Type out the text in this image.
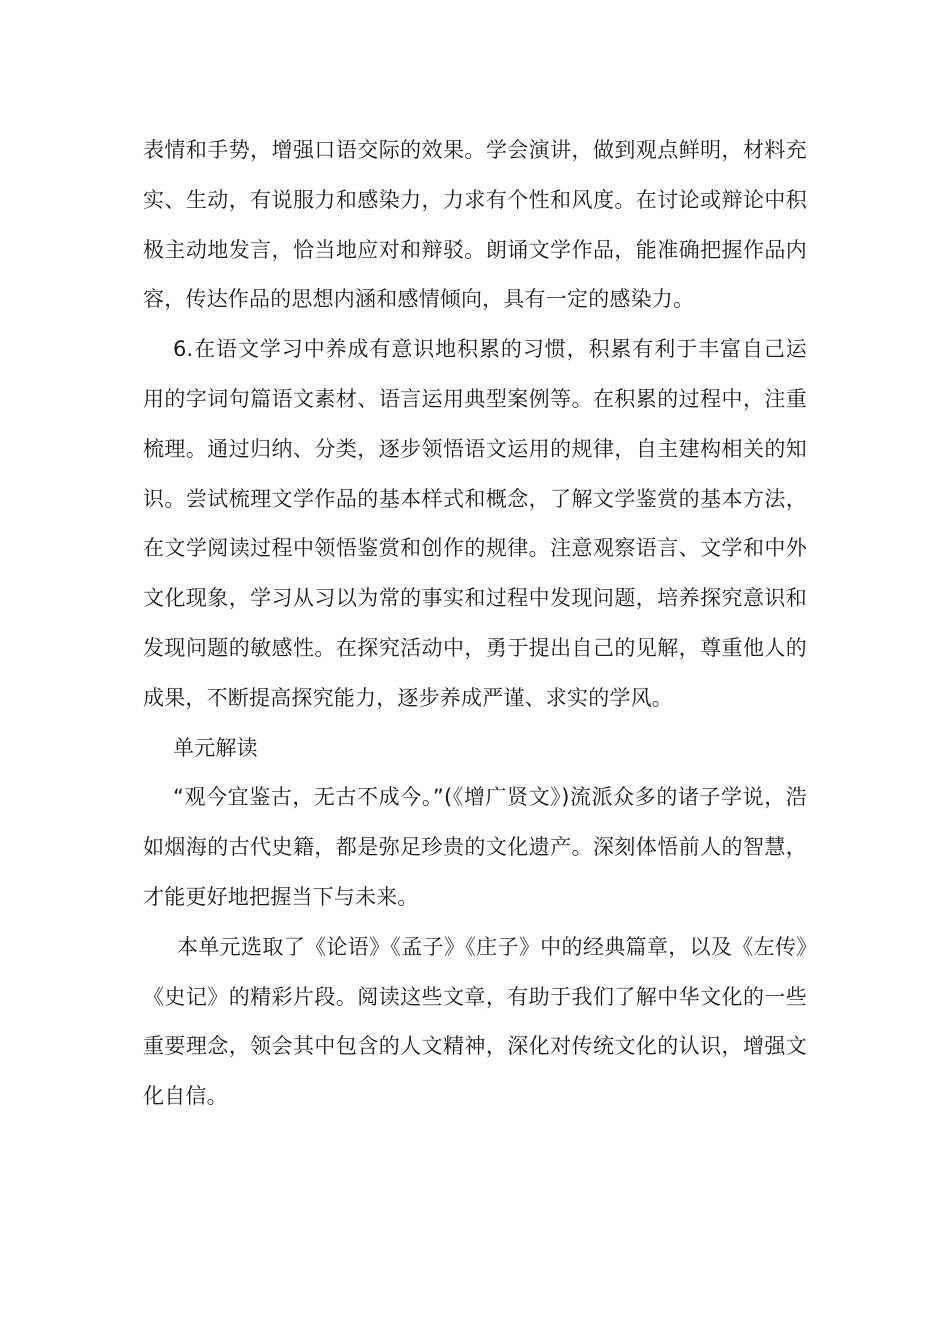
表情和手势，增强口语交际的效果。学会演讲，做到观点鲜明，材料充实、生动，有说服力和感染力，力求有个性和风度。在讨论或辩论中积极主动地发言，恰当地应对和辩驳。朗诵文学作品，能准确把握作品内容，传达作品的思想内涵和感情倾向，具有一定的感染力。

6.在语文学习中养成有意识地积累的习惯，积累有利于丰富自己运用的字词句篇语文素材、语言运用典型案例等。在积累的过程中，注重梳理。通过归纳、分类，逐步领悟语文运用的规律，自主建构相关的知识。尝试梳理文学作品的基本样式和概念，了解文学鉴赏的基本方法，在文学阅读过程中领悟鉴赏和创作的规律。注意观察语言、文学和中外文化现象，学习从习以为常的事实和过程中发现问题，培养探究意识和发现问题的敏感性。在探究活动中，勇于提出自己的见解，尊重他人的成果，不断提高探究能力，逐步养成严谨、求实的学风。

单元解读

“观今宜鉴古，无古不成今。”(《增广贤文》)流派众多的诸子学说，浩如烟海的古代史籍，都是弥足珍贵的文化遗产。深刻体悟前人的智慧，才能更好地把握当下与未来。

本单元选取了《论语》《孟子》《庄子》中的经典篇章，以及《左传》《史记》的精彩片段。阅读这些文章，有助于我们了解中华文化的一些重要理念，领会其中包含的人文精神，深化对传统文化的认识，增强文化自信。
